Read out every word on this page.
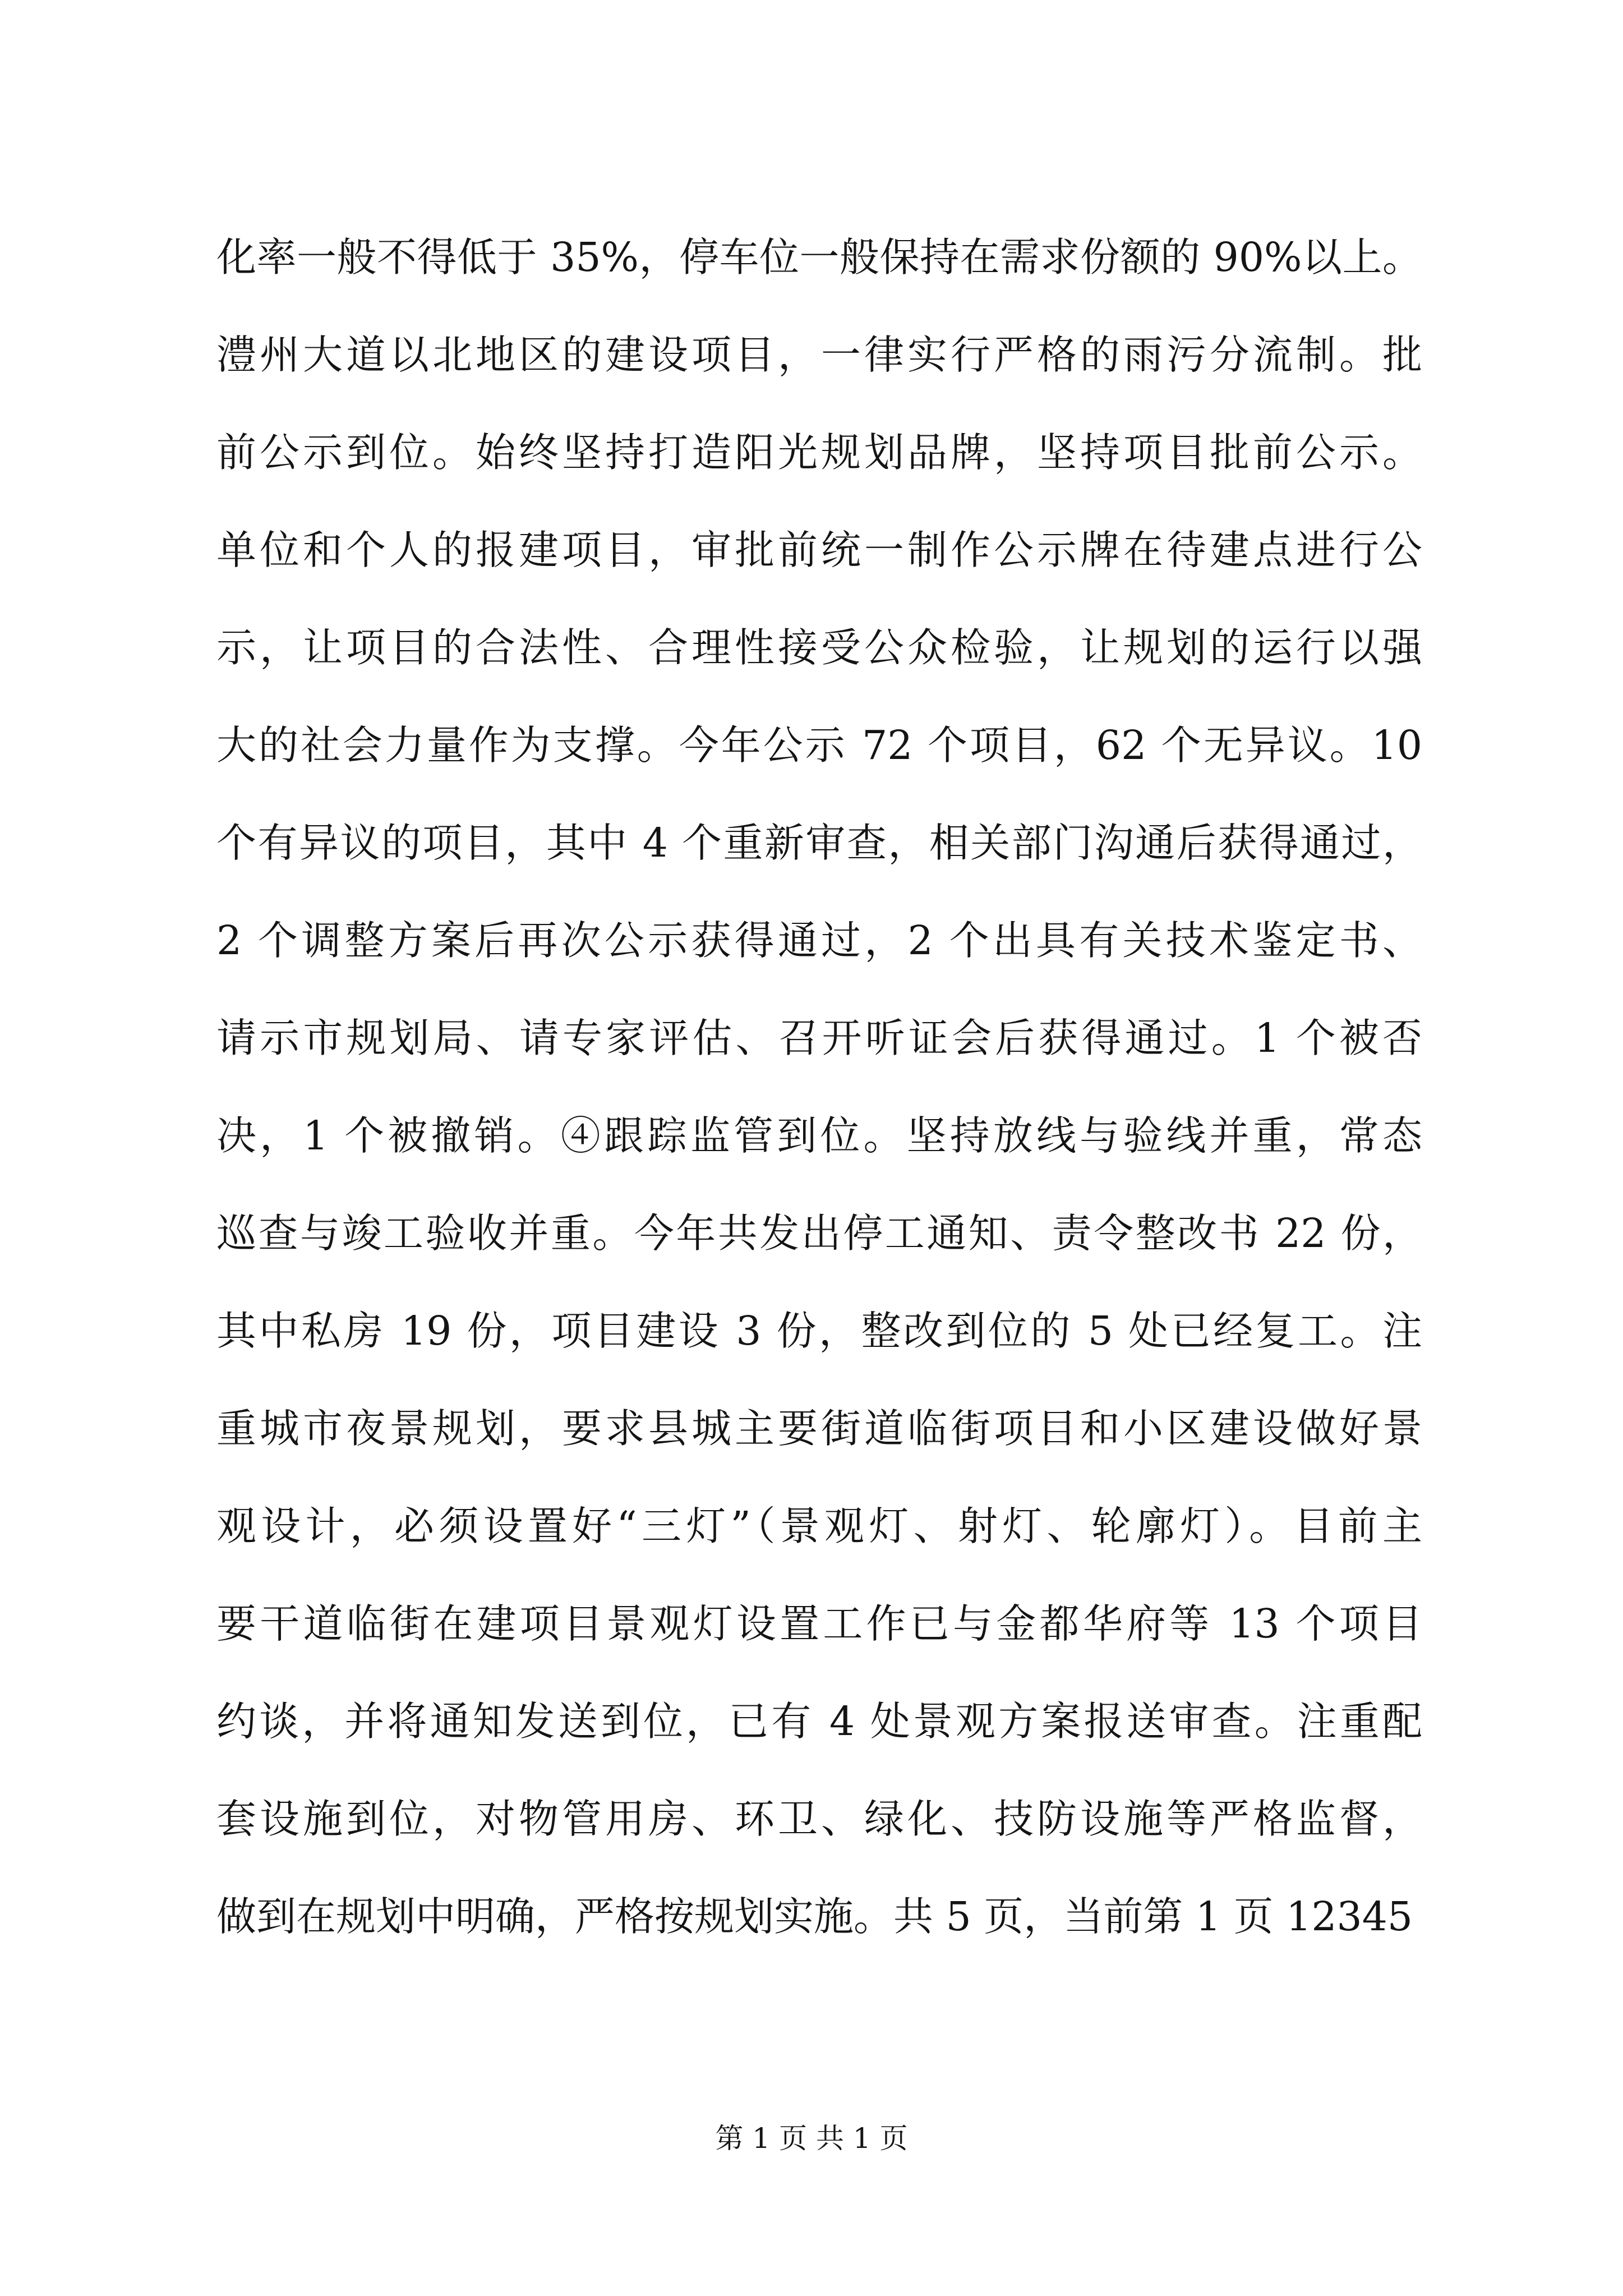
化率一般不得低于 35%，停车位一般保持在需求份额的 90%以上。
澧州大道以北地区的建设项目，一律实行严格的雨污分流制。批
前公示到位。始终坚持打造阳光规划品牌，坚持项目批前公示。
单位和个人的报建项目，审批前统一制作公示牌在待建点进行公
示，让项目的合法性、合理性接受公众检验，让规划的运行以强
大的社会力量作为支撑。今年公示 72 个项目，62 个无异议。10
个有异议的项目，其中 4 个重新审查，相关部门沟通后获得通过，
2 个调整方案后再次公示获得通过，2 个出具有关技术鉴定书、
请示市规划局、请专家评估、召开听证会后获得通过。1 个被否
决，1 个被撤销。④跟踪监管到位。坚持放线与验线并重，常态
巡查与竣工验收并重。今年共发出停工通知、责令整改书 22 份，
其中私房 19 份，项目建设 3 份，整改到位的 5 处已经复工。注
重城市夜景规划，要求县城主要街道临街项目和小区建设做好景
观设计，必须设置好“三灯”（景观灯、射灯、轮廓灯）。目前主
要干道临街在建项目景观灯设置工作已与金都华府等 13 个项目
约谈，并将通知发送到位，已有 4 处景观方案报送审查。注重配
套设施到位，对物管用房、环卫、绿化、技防设施等严格监督，
做到在规划中明确，严格按规划实施。共 5 页，当前第 1 页 12345
第 1 页 共 1 页
